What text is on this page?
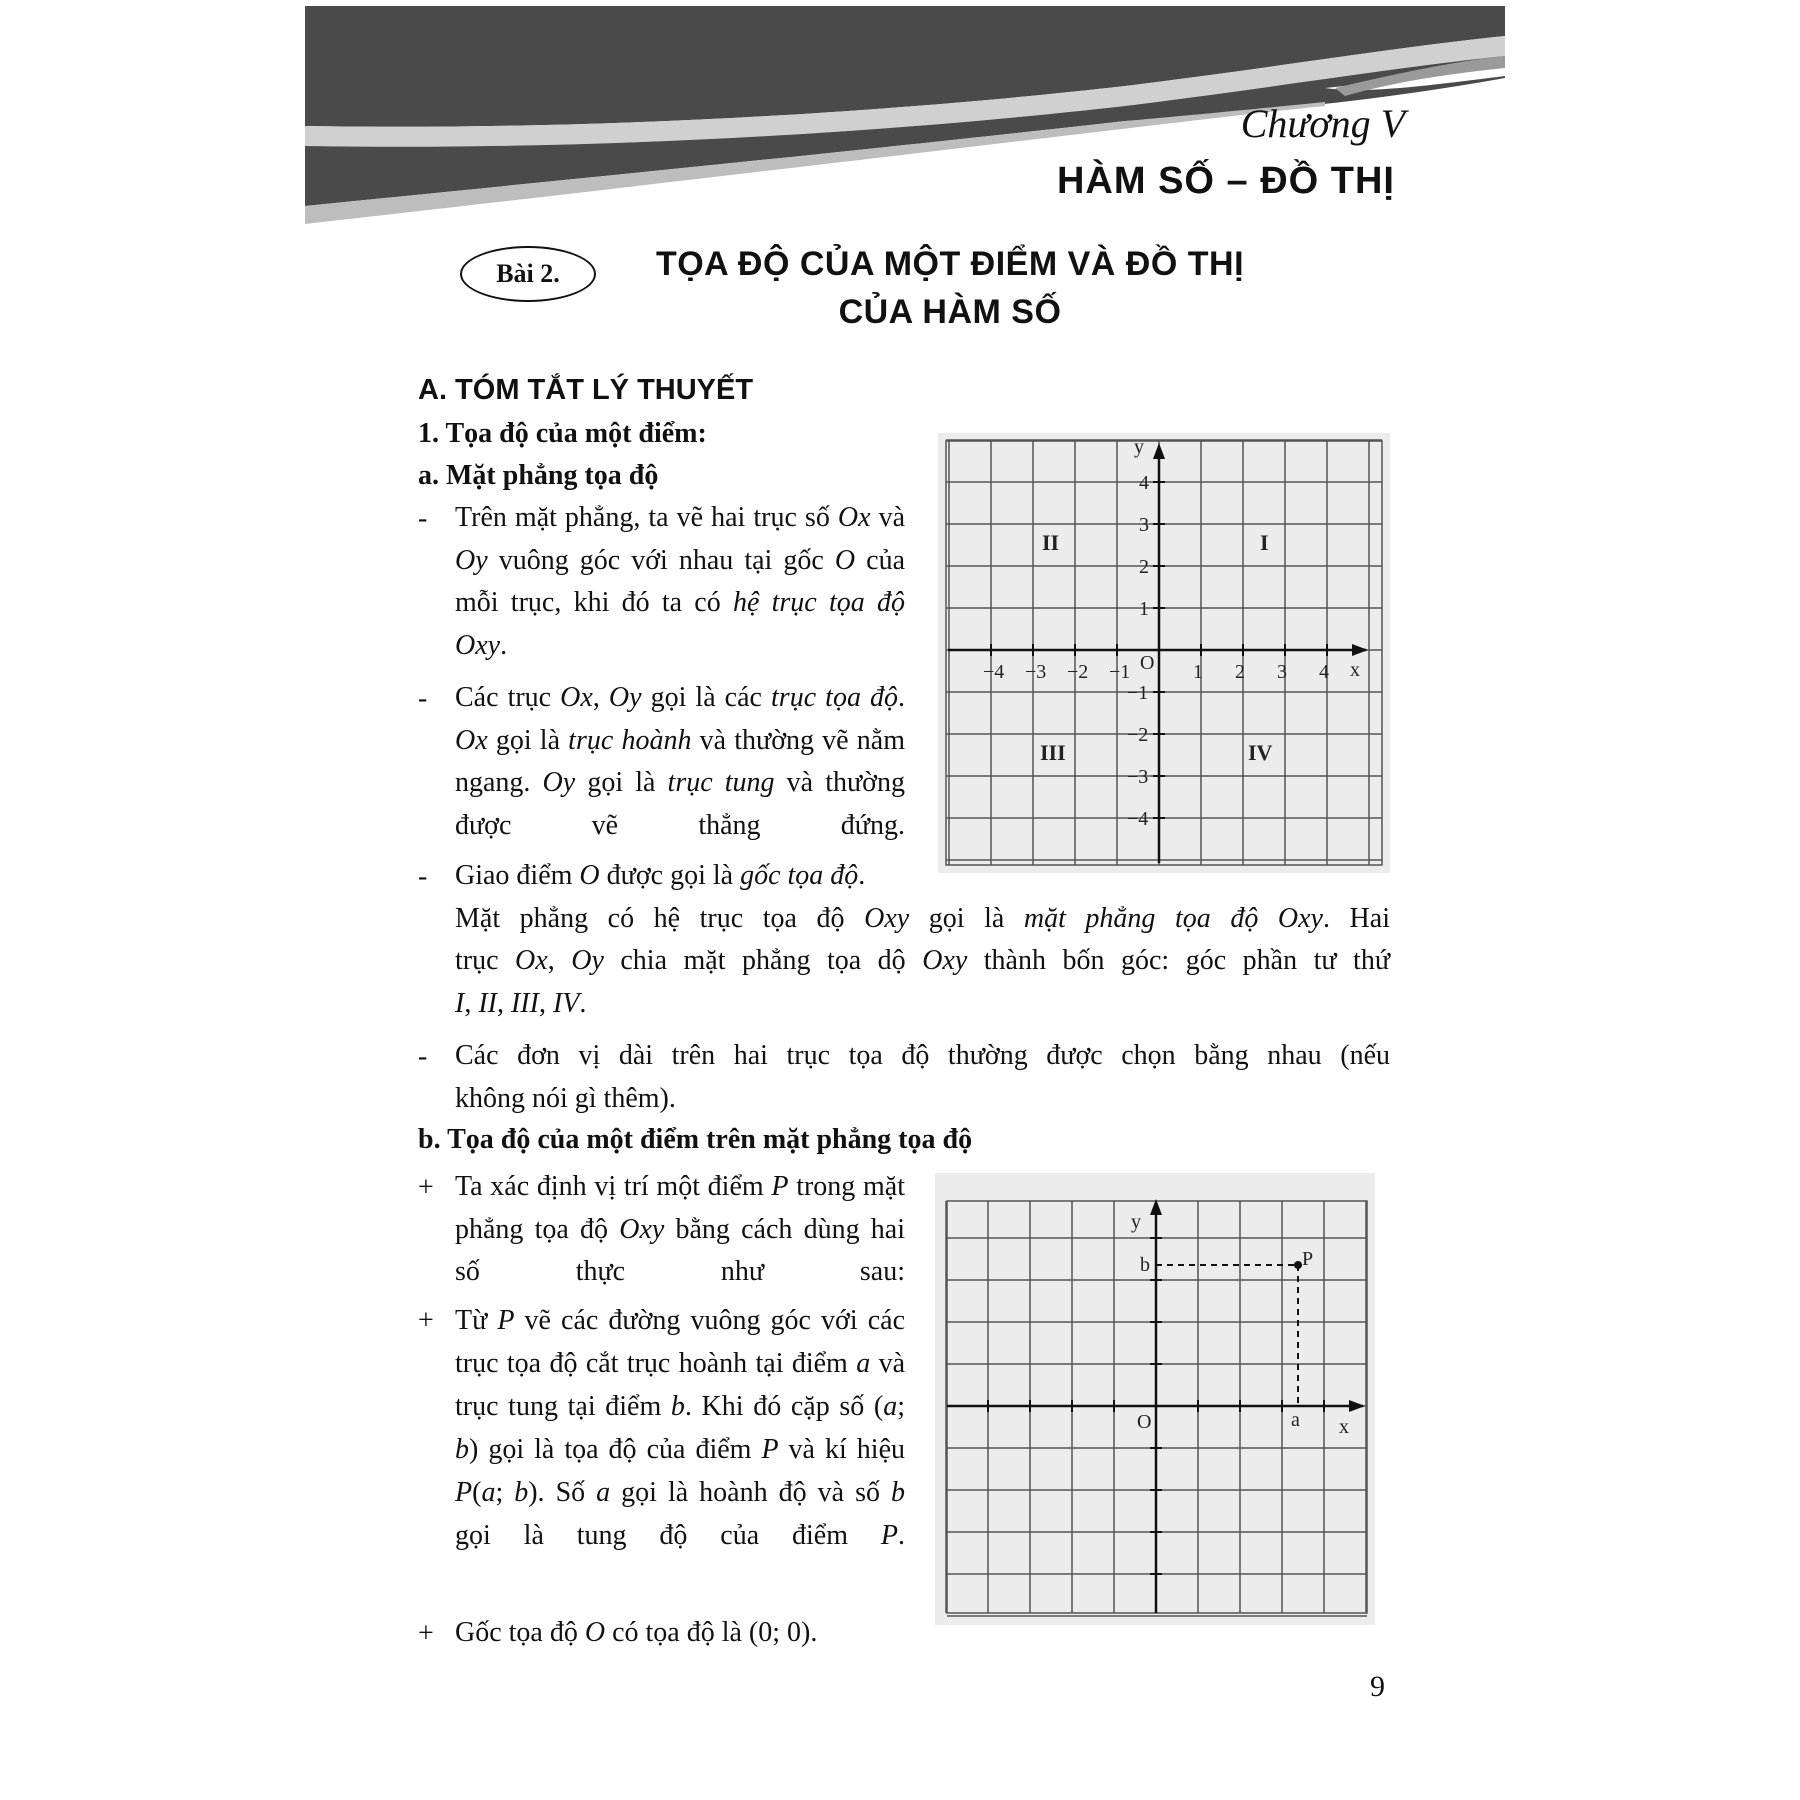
Chương V
HÀM SỐ – ĐỒ THỊ
Bài 2.	TỌA ĐỘ CỦA MỘT ĐIỂM VÀ ĐỒ THỊ
CỦA HÀM SỐ
A. TÓM TẮT LÝ THUYẾT
1. Tọa độ của một điểm:
a. Mặt phẳng tọa độ
- Trên mặt phẳng, ta vẽ hai trục số Ox và Oy vuông góc với nhau tại gốc O của mỗi trục, khi đó ta có hệ trục tọa độ Oxy.
- Các trục Ox, Oy gọi là các trục tọa độ. Ox gọi là trục hoành và thường vẽ nằm ngang. Oy gọi là trục tung và thường được vẽ thẳng đứng.
- Giao điểm O được gọi là gốc tọa độ.

Mặt phẳng có hệ trục tọa độ Oxy gọi là mặt phẳng tọa độ Oxy. Hai
trục Ox, Oy chia mặt phẳng tọa dộ Oxy thành bốn góc: góc phần tư thứ
I, II, III, IV.
- Các đơn vị dài trên hai trục tọa độ thường được chọn bằng nhau (nếu
không nói gì thêm).
b. Tọa độ của một điểm trên mặt phẳng tọa độ
+ Ta xác định vị trí một điểm P trong mặt phẳng tọa độ Oxy bằng cách dùng hai số thực như sau:
+ Từ P vẽ các đường vuông góc với các trục tọa độ cắt trục hoành tại điểm a và trục tung tại điểm b. Khi đó cặp số (a; b) gọi là tọa độ của điểm P và kí hiệu P(a; b). Số a gọi là hoành độ và số b gọi là tung độ của điểm P.
+ Gốc tọa độ O có tọa độ là (0; 0).
y
x
O
−4 −3 −2 −1	1 2 3 4
4
3
2
1
−1
−2
−3
−4
I
II
III	IV
y
x
O
P
a
b
9
